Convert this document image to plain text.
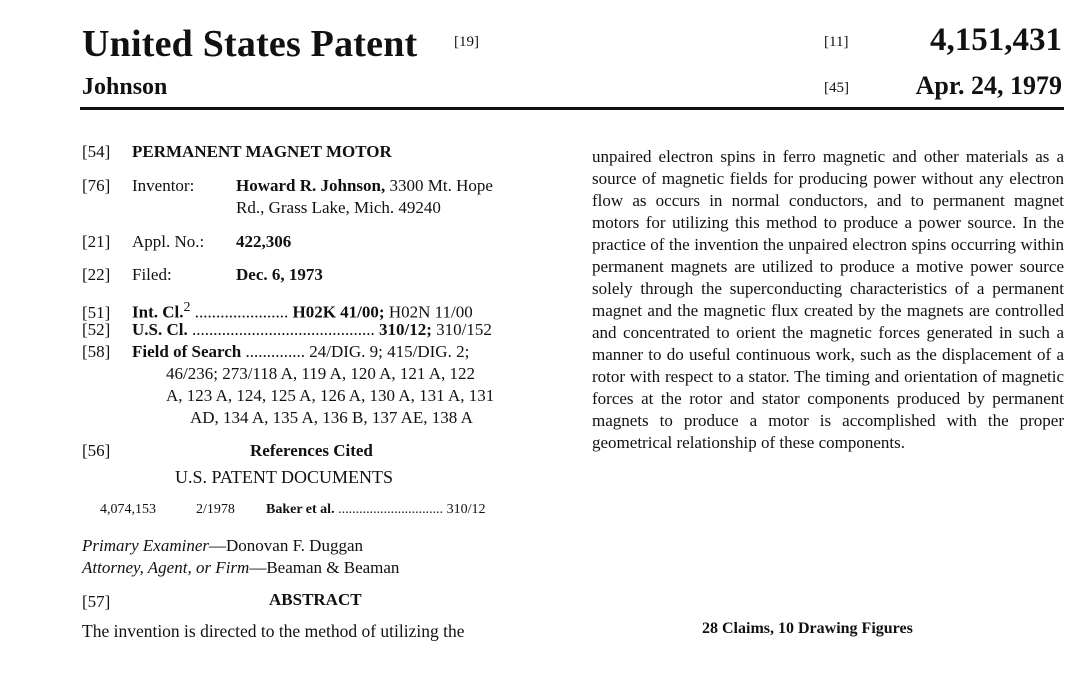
United States Patent [19]
Johnson
[11] 4,151,431
[45]	Apr. 24, 1979
[54] PERMANENT MAGNET MOTOR
[76] Inventor: Howard R. Johnson, 3300 Mt. Hope
Rd., Grass Lake, Mich. 49240
[21] Appl. No.: 422,306
[22] Filed:	Dec. 6, 1973
[51] Int. Cl.$^2$ ...................... H02K 41/00; H02N 11/00
[52] U.S. Cl. ........................................... 310/12; 310/152
[58] Field of Search .............. 24/DIG. 9; 415/DIG. 2;
46/236; 273/118 A, 119 A, 120 A, 121 A, 122
A, 123 A, 124, 125 A, 126 A, 130 A, 131 A, 131
AD, 134 A, 135 A, 136 B, 137 AE, 138 A
[56]	References Cited
U.S. PATENT DOCUMENTS
4,074,153	2/1978 Baker et al. .............................. 310/12
Primary Examiner—Donovan F. Duggan
Attorney, Agent, or Firm—Beaman & Beaman
[57]	ABSTRACT
The invention is directed to the method of utilizing the
unpaired electron spins in ferro magnetic and other materials as a source of magnetic fields for producing power without any electron flow as occurs in normal conductors, and to permanent magnet motors for utilizing this method to produce a power source. In the practice of the invention the unpaired electron spins occurring within permanent magnets are utilized to produce a motive power source solely through the superconducting characteristics of a permanent magnet and the magnetic flux created by the magnets are controlled and concentrated to orient the magnetic forces generated in such a manner to do useful continuous work, such as the displacement of a rotor with respect to a stator. The timing and orientation of magnetic forces at the rotor and stator components produced by permanent magnets to produce a motor is accomplished with the proper geometrical relationship of these components.
28 Claims, 10 Drawing Figures
